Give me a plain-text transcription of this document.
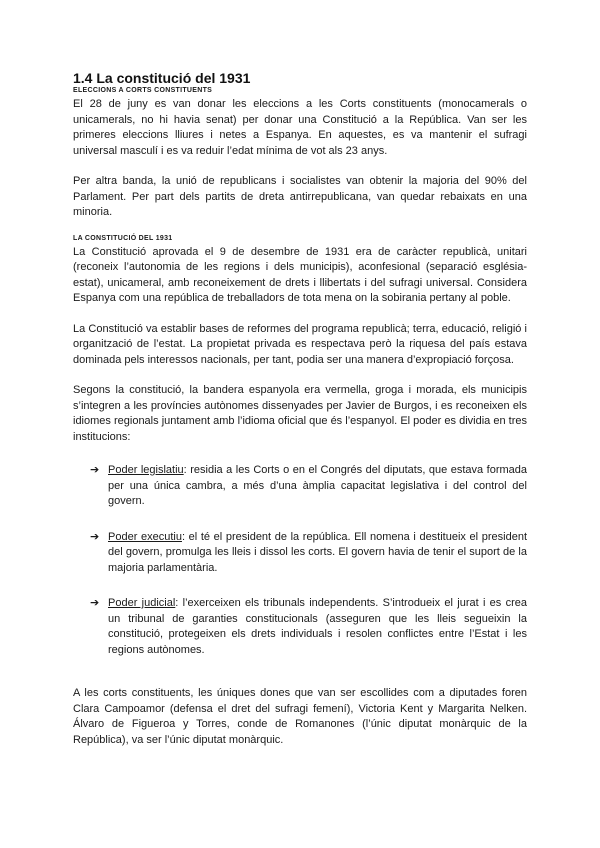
1.4 La constitució del 1931
ELECCIONS A CORTS CONSTITUENTS

El 28 de juny es van donar les eleccions a les Corts constituents (monocamerals o unicamerals, no hi havia senat) per donar una Constitució a la República. Van ser les primeres eleccions lliures i netes a Espanya. En aquestes, es va mantenir el sufragi universal masculí i es va reduir l’edat mínima de vot als 23 anys.

Per altra banda, la unió de republicans i socialistes van obtenir la majoria del 90% del Parlament. Per part dels partits de dreta antirrepublicana, van quedar rebaixats en una minoria.

LA CONSTITUCIÓ DEL 1931

La Constitució aprovada el 9 de desembre de 1931 era de caràcter republicà, unitari (reconeix l’autonomia de les regions i dels municipis), aconfesional (separació església-estat), unicameral, amb reconeixement de drets i llibertats i del sufragi universal. Considera Espanya com una república de treballadors de tota mena on la sobirania pertany al poble.

La Constitució va establir bases de reformes del programa republicà; terra, educació, religió i organització de l’estat. La propietat privada es respectava però la riquesa del país estava dominada pels interessos nacionals, per tant, podia ser una manera d’expropiació forçosa.

Segons la constitució, la bandera espanyola era vermella, groga i morada, els municipis s’integren a les províncies autònomes dissenyades per Javier de Burgos, i es reconeixen els idiomes regionals juntament amb l’idioma oficial que és l’espanyol. El poder es dividia en tres institucions:

➔ Poder legislatiu: residia a les Corts o en el Congrés del diputats, que estava formada per una única cambra, a més d’una àmplia capacitat legislativa i del control del govern.
➔ Poder executiu: el té el president de la república. Ell nomena i destitueix el president del govern, promulga les lleis i dissol les corts. El govern havia de tenir el suport de la majoria parlamentària.
➔ Poder judicial: l’exerceixen els tribunals independents. S’introdueix el jurat i es crea un tribunal de garanties constitucionals (asseguren que les lleis segueixin la constitució, protegeixen els drets individuals i resolen conflictes entre l’Estat i les regions autònomes.

A les corts constituents, les úniques dones que van ser escollides com a diputades foren Clara Campoamor (defensa el dret del sufragi femení), Victoria Kent y Margarita Nelken. Álvaro de Figueroa y Torres, conde de Romanones (l’únic diputat monàrquic de la República), va ser l’únic diputat monàrquic.
